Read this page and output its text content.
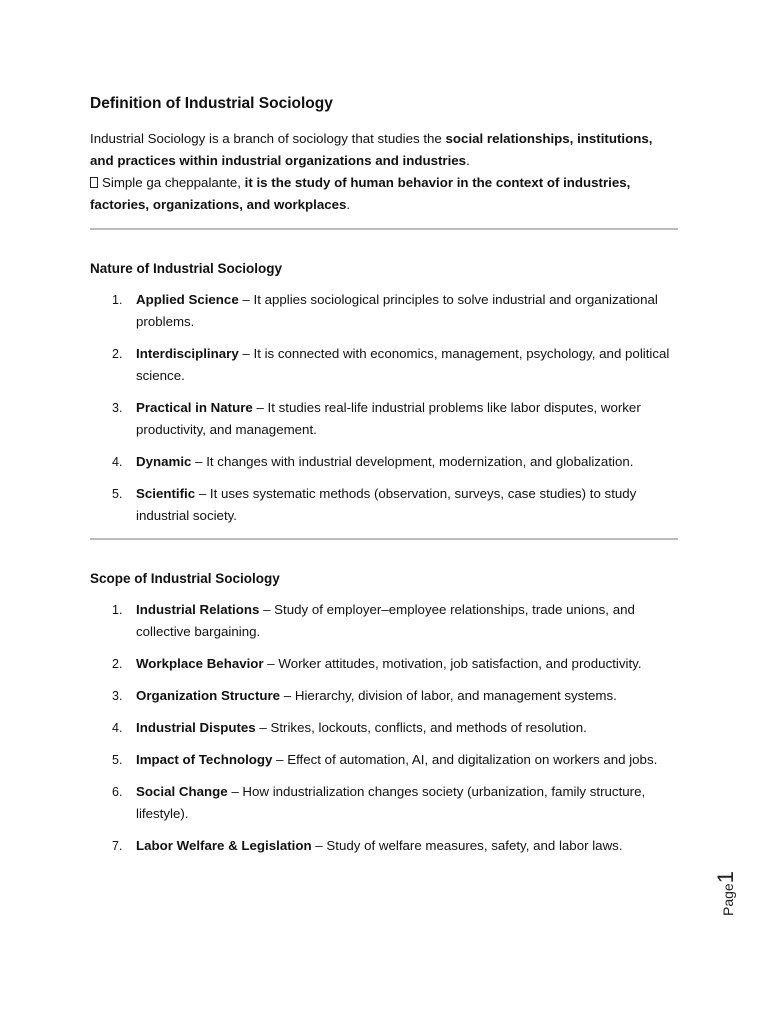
Definition of Industrial Sociology

Industrial Sociology is a branch of sociology that studies the social relationships, institutions, and practices within industrial organizations and industries.

Simple ga cheppalante, it is the study of human behavior in the context of industries, factories, organizations, and workplaces.

Nature of Industrial Sociology
1. Applied Science – It applies sociological principles to solve industrial and organizational problems.
2. Interdisciplinary – It is connected with economics, management, psychology, and political science.
3. Practical in Nature – It studies real-life industrial problems like labor disputes, worker productivity, and management.
4. Dynamic – It changes with industrial development, modernization, and globalization.
5. Scientific – It uses systematic methods (observation, surveys, case studies) to study industrial society.
Scope of Industrial Sociology
1. Industrial Relations – Study of employer–employee relationships, trade unions, and collective bargaining.
2. Workplace Behavior – Worker attitudes, motivation, job satisfaction, and productivity.
3. Organization Structure – Hierarchy, division of labor, and management systems.
4. Industrial Disputes – Strikes, lockouts, conflicts, and methods of resolution.
5. Impact of Technology – Effect of automation, AI, and digitalization on workers and jobs.
6. Social Change – How industrialization changes society (urbanization, family structure, lifestyle).
7. Labor Welfare & Legislation – Study of welfare measures, safety, and labor laws.
Page1
